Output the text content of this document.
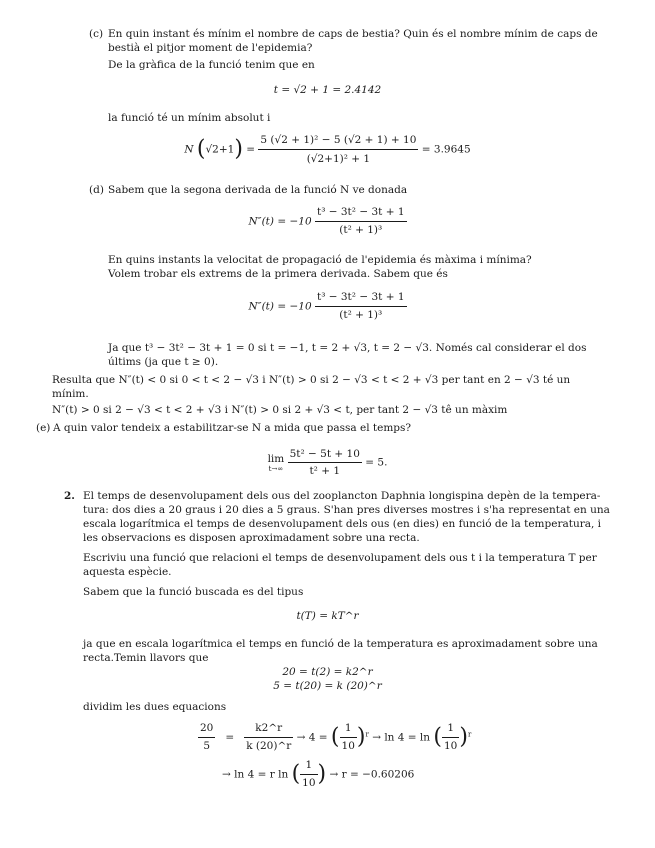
(c) En quin instant és mínim el nombre de caps de bestia? Quin és el nombre mínim de caps de
bestià el pitjor moment de l'epidemia?
De la gràfica de la funció tenim que en
t = √2 + 1 = 2.4142
la funció té un mínim absolut i
N $(√2+1) = \frac{\text{5 (√2 + 1)² − 5 (√2 + 1) + 10}}{\text{(√2+1)² + 1}} = 3.9645$
(d) Sabem que la segona derivada de la funció N ve donada
$N''(t) = -10 \frac{\text{t³ − 3t² − 3t + 1}}{\text{(t² + 1)³}}$
En quins instants la velocitat de propagació de l'epidemia és màxima i mínima?
Volem trobar els extrems de la primera derivada. Sabem que és
$N''(t) = -10 \frac{\text{t³ − 3t² − 3t + 1}}{\text{(t² + 1)³}}$
Ja que t³ − 3t² − 3t + 1 = 0 si t = −1, t = 2 + √3, t = 2 − √3. Només cal considerar el dos
últims (ja que t ≥ 0).
Resulta que N″(t) < 0 si 0 < t < 2 − √3 i N″(t) > 0 si 2 − √3 < t < 2 + √3 per tant en 2 − √3 té un
mínim.
N″(t) > 0 si 2 − √3 < t < 2 + √3 i N″(t) > 0 si 2 + √3 < t, per tant 2 − √3 tê un màxim
(e) A quin valor tendeix a estabilitzar-se N a mida que passa el temps?
lim
t→∞
$\frac{\text{5t² − 5t + 10}}{\text{t² + 1}} = 5$.
2. El temps de desenvolupament dels ous del zooplancton Daphnia longispina depèn de la tempera-
tura: dos dies a 20 graus i 20 dies a 5 graus. S'han pres diverses mostres i s'ha representat en una
escala logarítmica el temps de desenvolupament dels ous (en dies) en funció de la temperatura, i
les observacions es disposen aproximadament sobre una recta.
Escriviu una funció que relacioni el temps de desenvolupament dels ous t i la temperatura T per
aquesta espècie.
Sabem que la funció buscada es del tipus
t(T) = kT^r
ja que en escala logarítmica el temps en funció de la temperatura es aproximadament sobre una
recta.Temin llavors que
20 = t(2) = k2^r
5 = t(20) = k (20)^r
dividim les dues equacions
$\frac{20}{5} = \frac{k2\^{}r}{k (20)\^{}r} \to 4$ = ( $\frac{1}{10} )^r \to \ln 4 = \ln$ ( $\frac{1}{10} )^r$
→ ln 4 = r ln ( $\frac{1}{10}$ ) → r = −0.60206
